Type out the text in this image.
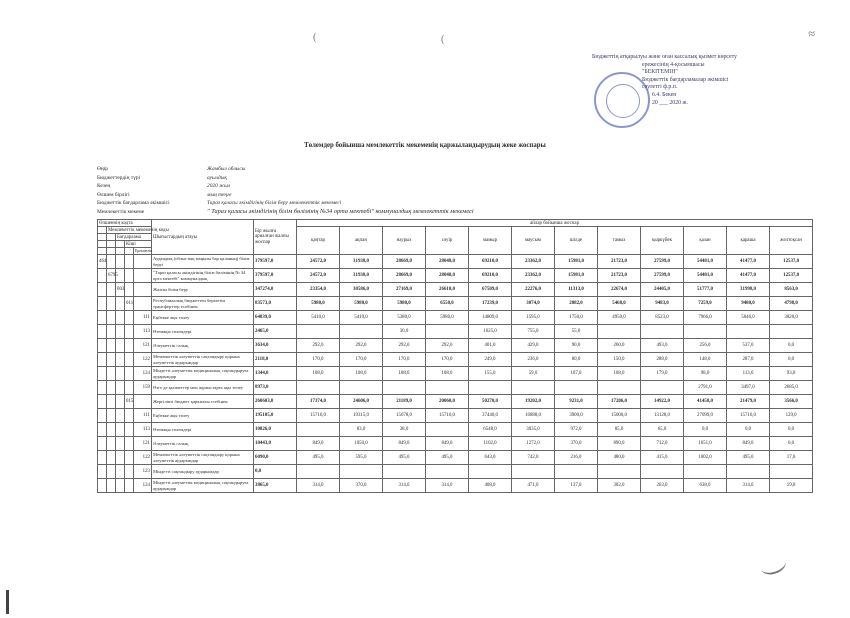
(	(	≈
Бюджеттің атқарылуы және оған кассалық қызмет көрсету
ережесінің 4-қосымшасы
"БЕКІТЕМІН"
Бюджеттік бағдарламалар әкімшісі
сәулетгі ф.р.п.
6.4. Бекен
20 ___ 2020 ж.
Төлемдер бойынша мемлекеттік мекеменің қаржыландырудың жеке жоспары
Өңір	Жамбыл облысы
Бюджеттердің түрі	ауылдық
Кезең	2020 жыл
Өлшем бірлігі	мың теңге
Бюджеттік бағдарлама әкімшісі	Тараз қаласы әкімдігінің білім беру мемлекеттік мекемесі
Мемлекеттік мекеме	" Тараз қаласы әкімдігінің білім бөлімінің №34 орта мектебі" коммуналдық мемлекеттік мекемесі
Өлшеннің кодта					Шығыстардың атауы	Бір жылға арналған жалпы жоспар	айлар бойынша жоспар											
	Мемлекеттік мекеменің коды						қаңтар	ақпан	наурыз	сәуір	мамыр	маусым	шілде	тамыз	қыркүйек	қазан	қараша	желтоқсан
		Бағдарлама																
			Кіші															
				Ерекшелік														
464					Аудандық (облыстық маңызы бар қаланың) білім беруі	379597,0	24572,0	31938,0	28669,0	28048,0	69210,0	23362,0	15981,0	21723,0	27599,0	54481,0	41477,0	12537,0
	6795				"Тараз қаласы әкімдігінің білім бөлімінің № 34 орта мектебі" коммуналдық	379597,0	24572,0	31938,0	28669,0	28048,0	69210,0	23362,0	15981,0	21723,0	27599,0	54481,0	41477,0	12537,0
		003			Жалпы білім беру	347274,0	23354,0	30586,0	27169,0	26610,0	67509,0	22276,0	11313,0	22674,0	24405,0	51777,0	31998,0	8563,0
			011		Республикалық бюджеттен берілетін трансферттер есебінен	83573,0	5980,0	5980,0	5980,0	6550,0	17239,0	3074,0	2082,0	5468,0	9483,0	7259,0	9480,0	4798,0
				111	Еңбекке ақы төлеу	64839,0	5410,0	5410,0	5380,0	5980,0	14809,0	1595,0	1750,0	4950,0	8523,0	7966,0	5046,0	3020,0
				113	Өтемақы төлемдері	2465,0			30,0		1625,0	755,0	55,0					
				121	Әлеуметтік салық	3634,0	292,0	292,0	292,0	292,0	401,0	429,0	90,0	260,0	493,0	256,0	537,0	0,0
				122	Мемлекеттік әлеуметтік сақтандыру қорына әлеуметтік аударымдар	2118,0	170,0	170,0	170,0	170,0	249,0	236,0	80,0	150,0	288,0	148,0	287,0	0,0
				124	Міндетті әлеуметтік медициналық сақтандыруға аударымдар	1344,0	108,0	108,0	108,0	108,0	155,0	59,0	107,0	108,0	179,0	98,0	113,0	93,0
				159	Өзге де қызметтер мен жұмыстарға ақы төлеу	8973,0										2791,0	3497,0	2685,0
			015		Жергілікті бюджет қаражаты есебінен	260603,0	17374,0	24606,0	21189,0	20060,0	50270,0	19202,0	9231,0	17206,0	14922,0	41458,0	21479,0	3566,0
				111	Еңбекке ақы төлеу	195105,0	15716,0	19315,0	15678,0	15716,0	37440,0	16888,0	3900,0	15000,0	13128,0	27099,0	15716,0	129,0
				113	Өтемақы төлемдері	10826,0		83,0	38,0		6548,0	3035,0	972,0	85,0	65,0	0,0	0,0	0,0
				121	Әлеуметтік салық	10443,0	849,0	1050,0	849,0	849,0	1102,0	1272,0	370,0	890,0	712,0	1651,0	849,0	0,0
				122	Мемлекеттік әлеуметтік сақтандыру қорына әлеуметтік аударымдар	6090,0	495,0	595,0	495,0	495,0	643,0	742,0	216,0	480,0	415,0	1002,0	495,0	17,0
				123	Міндетті сақтандыру аударымдар	0,0												
				124	Міндетті әлеуметтік медициналық сақтандыруға аударымдар	3865,0	314,0	370,0	314,0	314,0	408,0	471,0	137,0	302,0	263,0	638,0	314,0	19,0
